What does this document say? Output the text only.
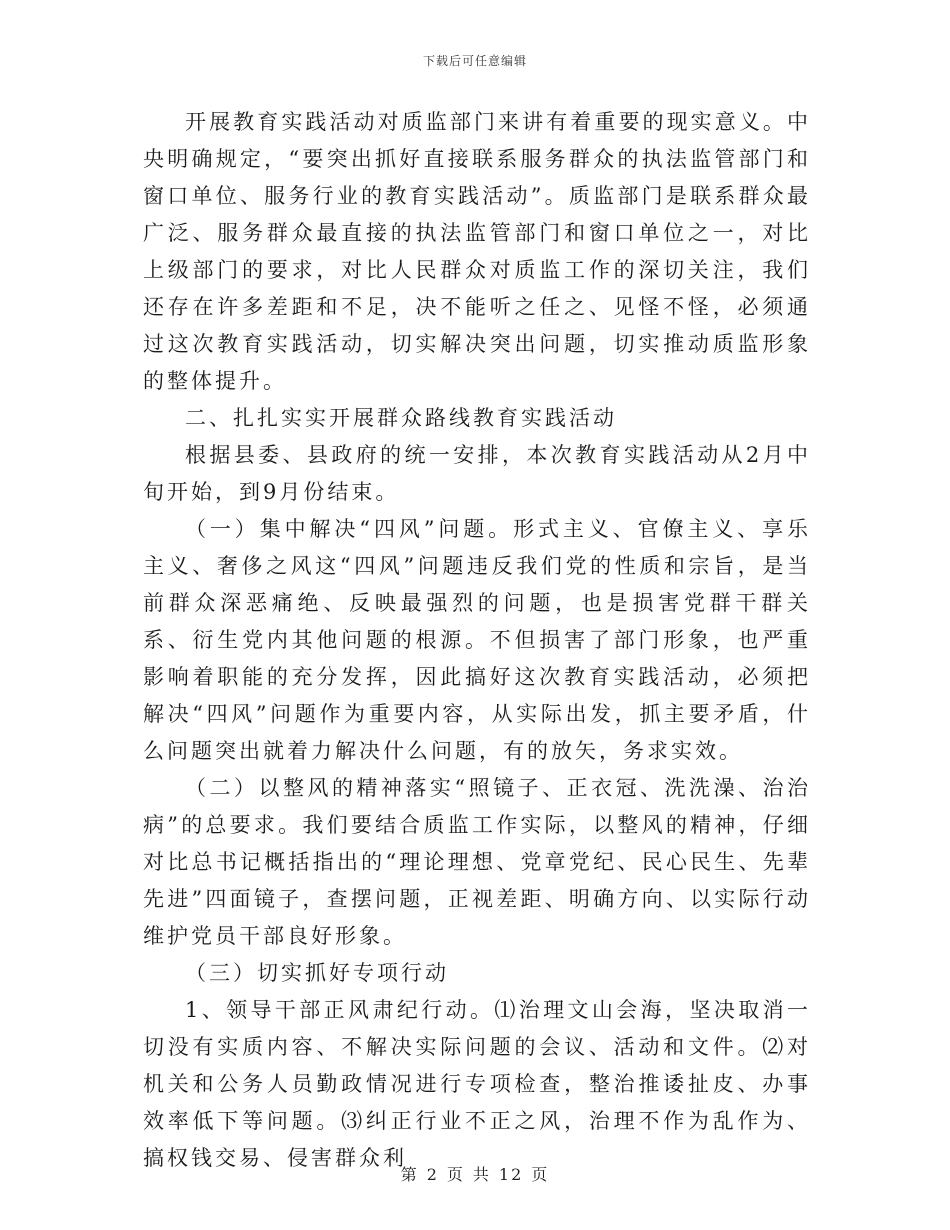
下载后可任意编辑

开展教育实践活动对质监部门来讲有着重要的现实意义。中央明确规定，“要突出抓好直接联系服务群众的执法监管部门和窗口单位、服务行业的教育实践活动”。质监部门是联系群众最广泛、服务群众最直接的执法监管部门和窗口单位之一，对比上级部门的要求，对比人民群众对质监工作的深切关注，我们还存在许多差距和不足，决不能听之任之、见怪不怪，必须通过这次教育实践活动，切实解决突出问题，切实推动质监形象的整体提升。

二、扎扎实实开展群众路线教育实践活动

根据县委、县政府的统一安排，本次教育实践活动从2月中旬开始，到9月份结束。

（一）集中解决“四风”问题。形式主义、官僚主义、享乐主义、奢侈之风这“四风”问题违反我们党的性质和宗旨，是当前群众深恶痛绝、反映最强烈的问题，也是损害党群干群关系、衍生党内其他问题的根源。不但损害了部门形象，也严重影响着职能的充分发挥，因此搞好这次教育实践活动，必须把解决“四风”问题作为重要内容，从实际出发，抓主要矛盾，什么问题突出就着力解决什么问题，有的放矢，务求实效。

（二）以整风的精神落实“照镜子、正衣冠、洗洗澡、治治病”的总要求。我们要结合质监工作实际，以整风的精神，仔细对比总书记概括指出的“理论理想、党章党纪、民心民生、先辈先进”四面镜子，查摆问题，正视差距、明确方向、以实际行动维护党员干部良好形象。

（三）切实抓好专项行动

1、领导干部正风肃纪行动。⑴治理文山会海，坚决取消一切没有实质内容、不解决实际问题的会议、活动和文件。⑵对机关和公务人员勤政情况进行专项检查，整治推诿扯皮、办事效率低下等问题。⑶纠正行业不正之风，治理不作为乱作为、搞权钱交易、侵害群众利

第 2 页 共 12 页
